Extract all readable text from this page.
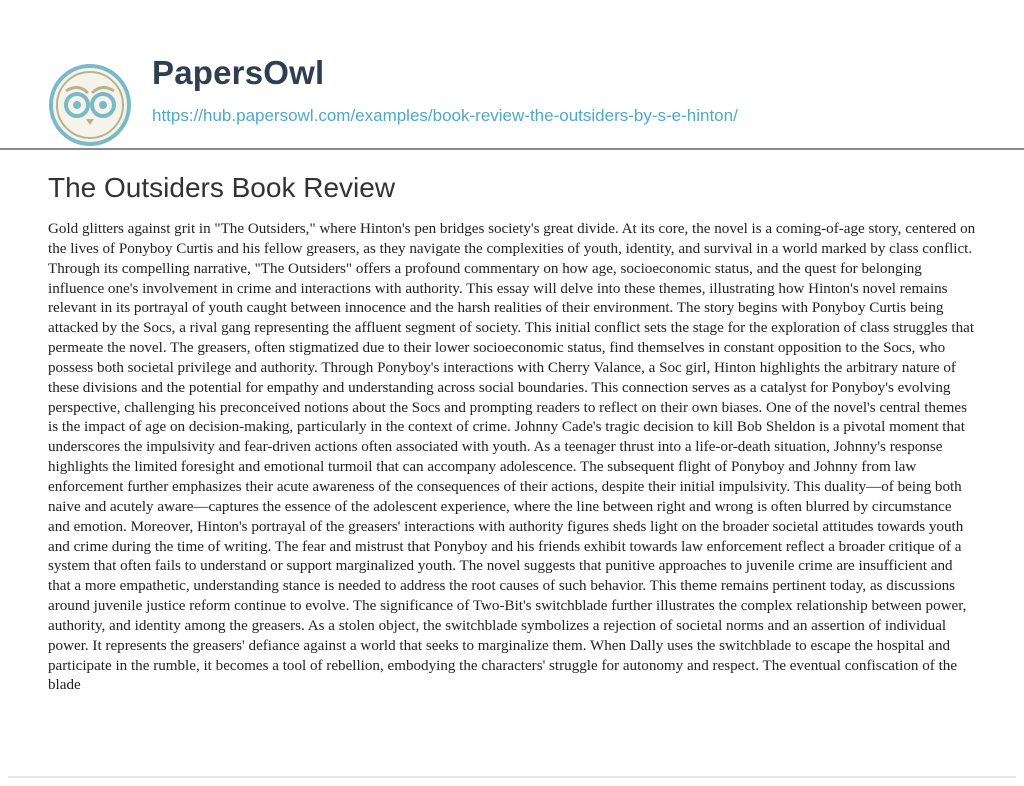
PapersOwl
https://hub.papersowl.com/examples/book-review-the-outsiders-by-s-e-hinton/
The Outsiders Book Review

Gold glitters against grit in "The Outsiders," where Hinton's pen bridges society's great divide. At its core, the novel is a coming-of-age story, centered on the lives of Ponyboy Curtis and his fellow greasers, as they navigate the complexities of youth, identity, and survival in a world marked by class conflict. Through its compelling narrative, "The Outsiders" offers a profound commentary on how age, socioeconomic status, and the quest for belonging influence one's involvement in crime and interactions with authority. This essay will delve into these themes, illustrating how Hinton's novel remains relevant in its portrayal of youth caught between innocence and the harsh realities of their environment. The story begins with Ponyboy Curtis being attacked by the Socs, a rival gang representing the affluent segment of society. This initial conflict sets the stage for the exploration of class struggles that permeate the novel. The greasers, often stigmatized due to their lower socioeconomic status, find themselves in constant opposition to the Socs, who possess both societal privilege and authority. Through Ponyboy's interactions with Cherry Valance, a Soc girl, Hinton highlights the arbitrary nature of these divisions and the potential for empathy and understanding across social boundaries. This connection serves as a catalyst for Ponyboy's evolving perspective, challenging his preconceived notions about the Socs and prompting readers to reflect on their own biases. One of the novel's central themes is the impact of age on decision-making, particularly in the context of crime. Johnny Cade's tragic decision to kill Bob Sheldon is a pivotal moment that underscores the impulsivity and fear-driven actions often associated with youth. As a teenager thrust into a life-or-death situation, Johnny's response highlights the limited foresight and emotional turmoil that can accompany adolescence. The subsequent flight of Ponyboy and Johnny from law enforcement further emphasizes their acute awareness of the consequences of their actions, despite their initial impulsivity. This duality—of being both naive and acutely aware—captures the essence of the adolescent experience, where the line between right and wrong is often blurred by circumstance and emotion. Moreover, Hinton's portrayal of the greasers' interactions with authority figures sheds light on the broader societal attitudes towards youth and crime during the time of writing. The fear and mistrust that Ponyboy and his friends exhibit towards law enforcement reflect a broader critique of a system that often fails to understand or support marginalized youth. The novel suggests that punitive approaches to juvenile crime are insufficient and that a more empathetic, understanding stance is needed to address the root causes of such behavior. This theme remains pertinent today, as discussions around juvenile justice reform continue to evolve. The significance of Two-Bit's switchblade further illustrates the complex relationship between power, authority, and identity among the greasers. As a stolen object, the switchblade symbolizes a rejection of societal norms and an assertion of individual power. It represents the greasers' defiance against a world that seeks to marginalize them. When Dally uses the switchblade to escape the hospital and participate in the rumble, it becomes a tool of rebellion, embodying the characters' struggle for autonomy and respect. The eventual confiscation of the blade
